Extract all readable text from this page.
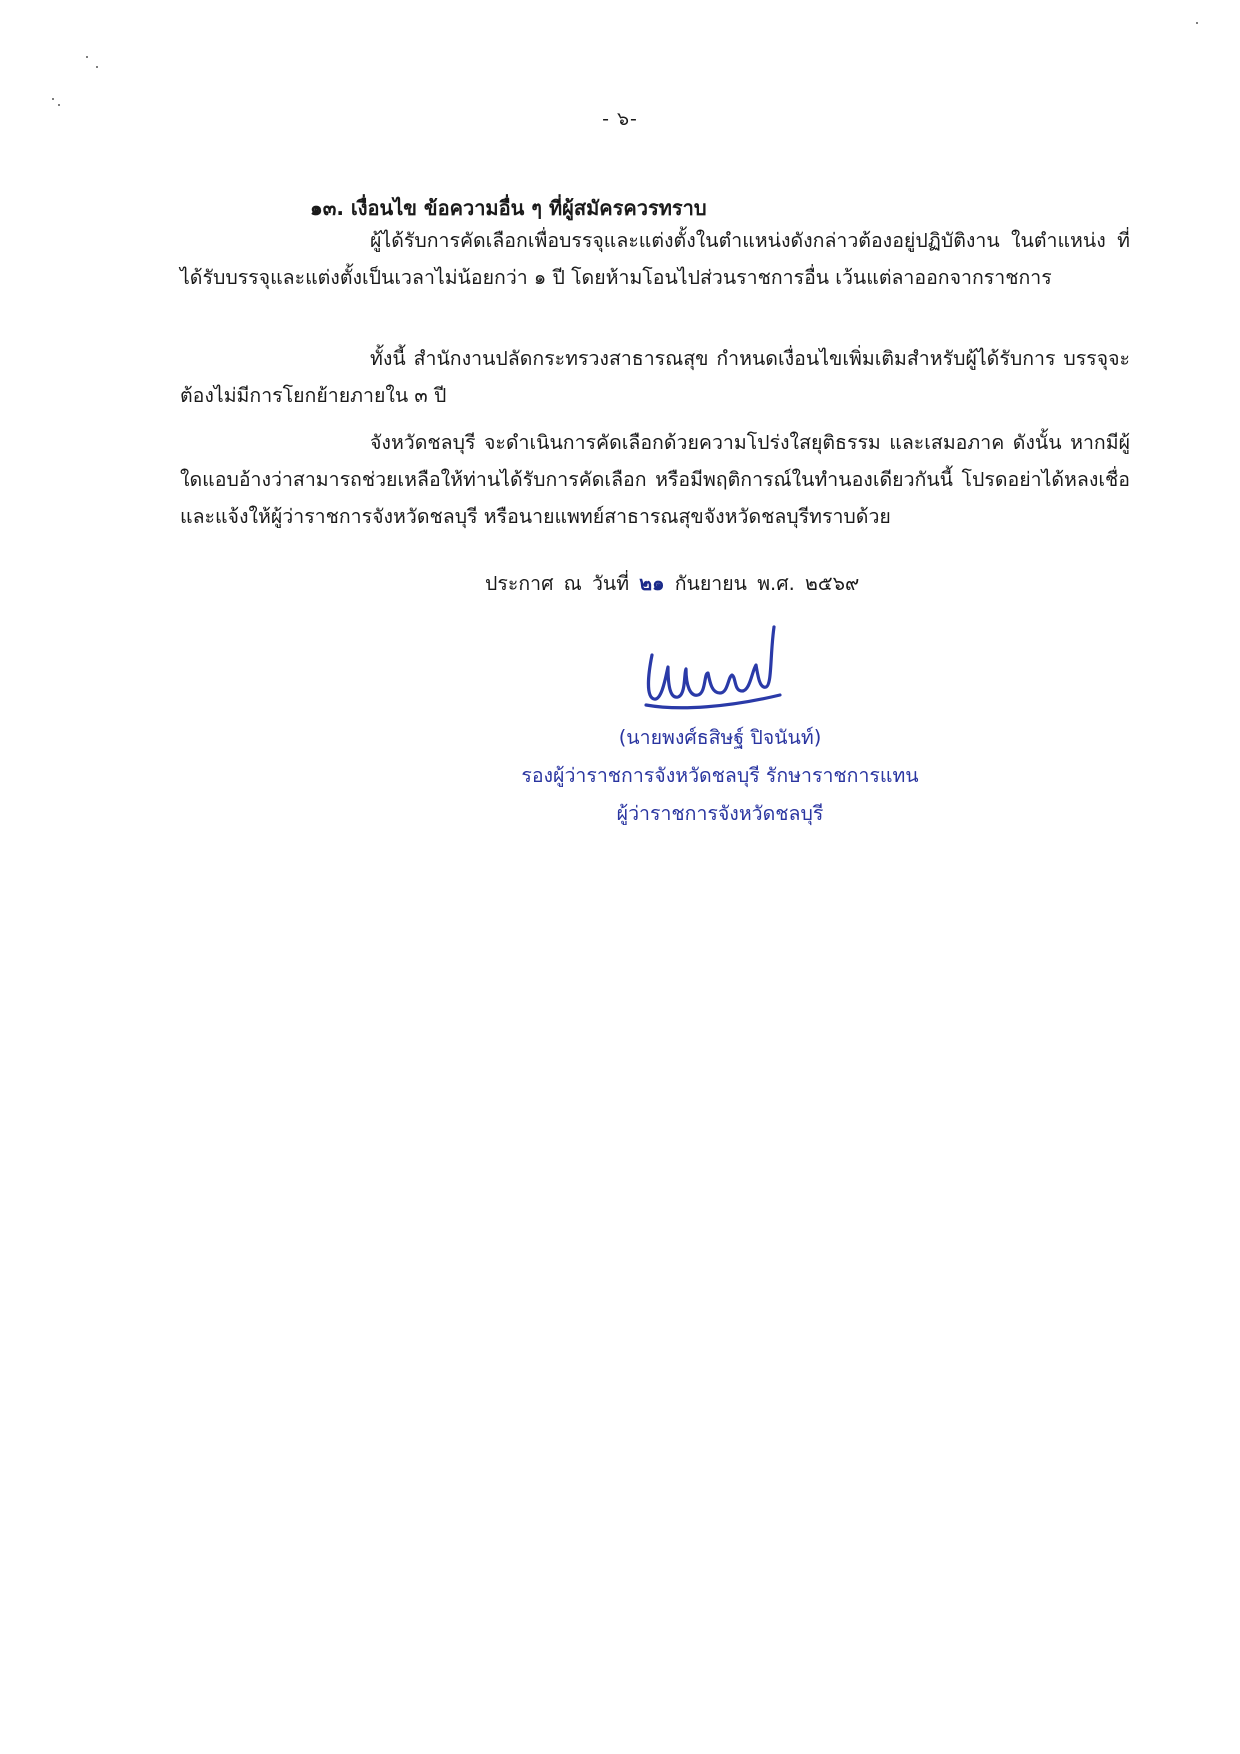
- ๖-
๑๓. เงื่อนไข ข้อความอื่น ๆ ที่ผู้สมัครควรทราบ

ผู้ได้รับการคัดเลือกเพื่อบรรจุและแต่งตั้งในตำแหน่งดังกล่าวต้องอยู่ปฏิบัติงาน ในตำแหน่ง ที่ได้รับบรรจุและแต่งตั้งเป็นเวลาไม่น้อยกว่า ๑ ปี โดยห้ามโอนไปส่วนราชการอื่น เว้นแต่ลาออกจากราชการ

ทั้งนี้ สำนักงานปลัดกระทรวงสาธารณสุข กำหนดเงื่อนไขเพิ่มเติมสำหรับผู้ได้รับการ บรรจุจะต้องไม่มีการโยกย้ายภายใน ๓ ปี

จังหวัดชลบุรี จะดำเนินการคัดเลือกด้วยความโปร่งใสยุติธรรม และเสมอภาค ดังนั้น หากมีผู้ใดแอบอ้างว่าสามารถช่วยเหลือให้ท่านได้รับการคัดเลือก หรือมีพฤติการณ์ในทำนองเดียวกันนี้ โปรดอย่าได้หลงเชื่อและแจ้งให้ผู้ว่าราชการจังหวัดชลบุรี หรือนายแพทย์สาธารณสุขจังหวัดชลบุรีทราบด้วย

ประกาศ ณ วันที่ ๒๑ กันยายน พ.ศ. ๒๕๖๙
(นายพงศ์ธสิษฐ์ ปิจนันท์)
รองผู้ว่าราชการจังหวัดชลบุรี รักษาราชการแทน
ผู้ว่าราชการจังหวัดชลบุรี
